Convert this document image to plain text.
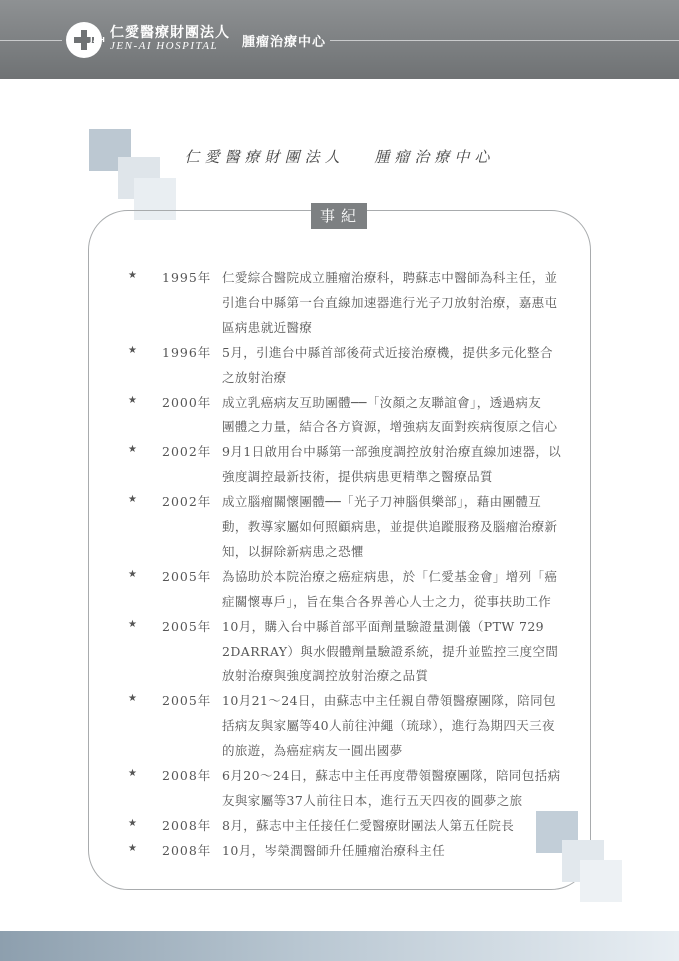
JAH 仁愛醫療財團法人
JEN-AI HOSPITAL 腫瘤治療中心
仁愛醫療財團法人　 腫瘤治療中心
事紀
★ 1995年 仁愛綜合醫院成立腫瘤治療科，聘蘇志中醫師為科主任，並
引進台中縣第一台直線加速器進行光子刀放射治療，嘉惠屯
區病患就近醫療
★ 1996年 5月，引進台中縣首部後荷式近接治療機，提供多元化整合
之放射治療
★ 2000年 成立乳癌病友互助團體──「汝顏之友聯誼會」，透過病友
團體之力量，結合各方資源，增強病友面對疾病復原之信心
★ 2002年 9月1日啟用台中縣第一部強度調控放射治療直線加速器，以
強度調控最新技術，提供病患更精準之醫療品質
★ 2002年 成立腦瘤關懷團體──「光子刀神腦俱樂部」，藉由團體互
動，教導家屬如何照顧病患，並提供追蹤服務及腦瘤治療新
知，以摒除新病患之恐懼
★ 2005年 為協助於本院治療之癌症病患，於「仁愛基金會」增列「癌
症關懷專戶」，旨在集合各界善心人士之力，從事扶助工作
★ 2005年 10月，購入台中縣首部平面劑量驗證量測儀（PTW 729
2DARRAY）與水假體劑量驗證系統，提升並監控三度空間
放射治療與強度調控放射治療之品質
★ 2005年 10月21～24日，由蘇志中主任親自帶領醫療團隊，陪同包
括病友與家屬等40人前往沖繩（琉球），進行為期四天三夜
的旅遊，為癌症病友一圓出國夢
★ 2008年 6月20～24日，蘇志中主任再度帶領醫療團隊，陪同包括病
友與家屬等37人前往日本，進行五天四夜的圓夢之旅
★ 2008年 8月，蘇志中主任接任仁愛醫療財團法人第五任院長
★ 2008年 10月，岑榮潤醫師升任腫瘤治療科主任
